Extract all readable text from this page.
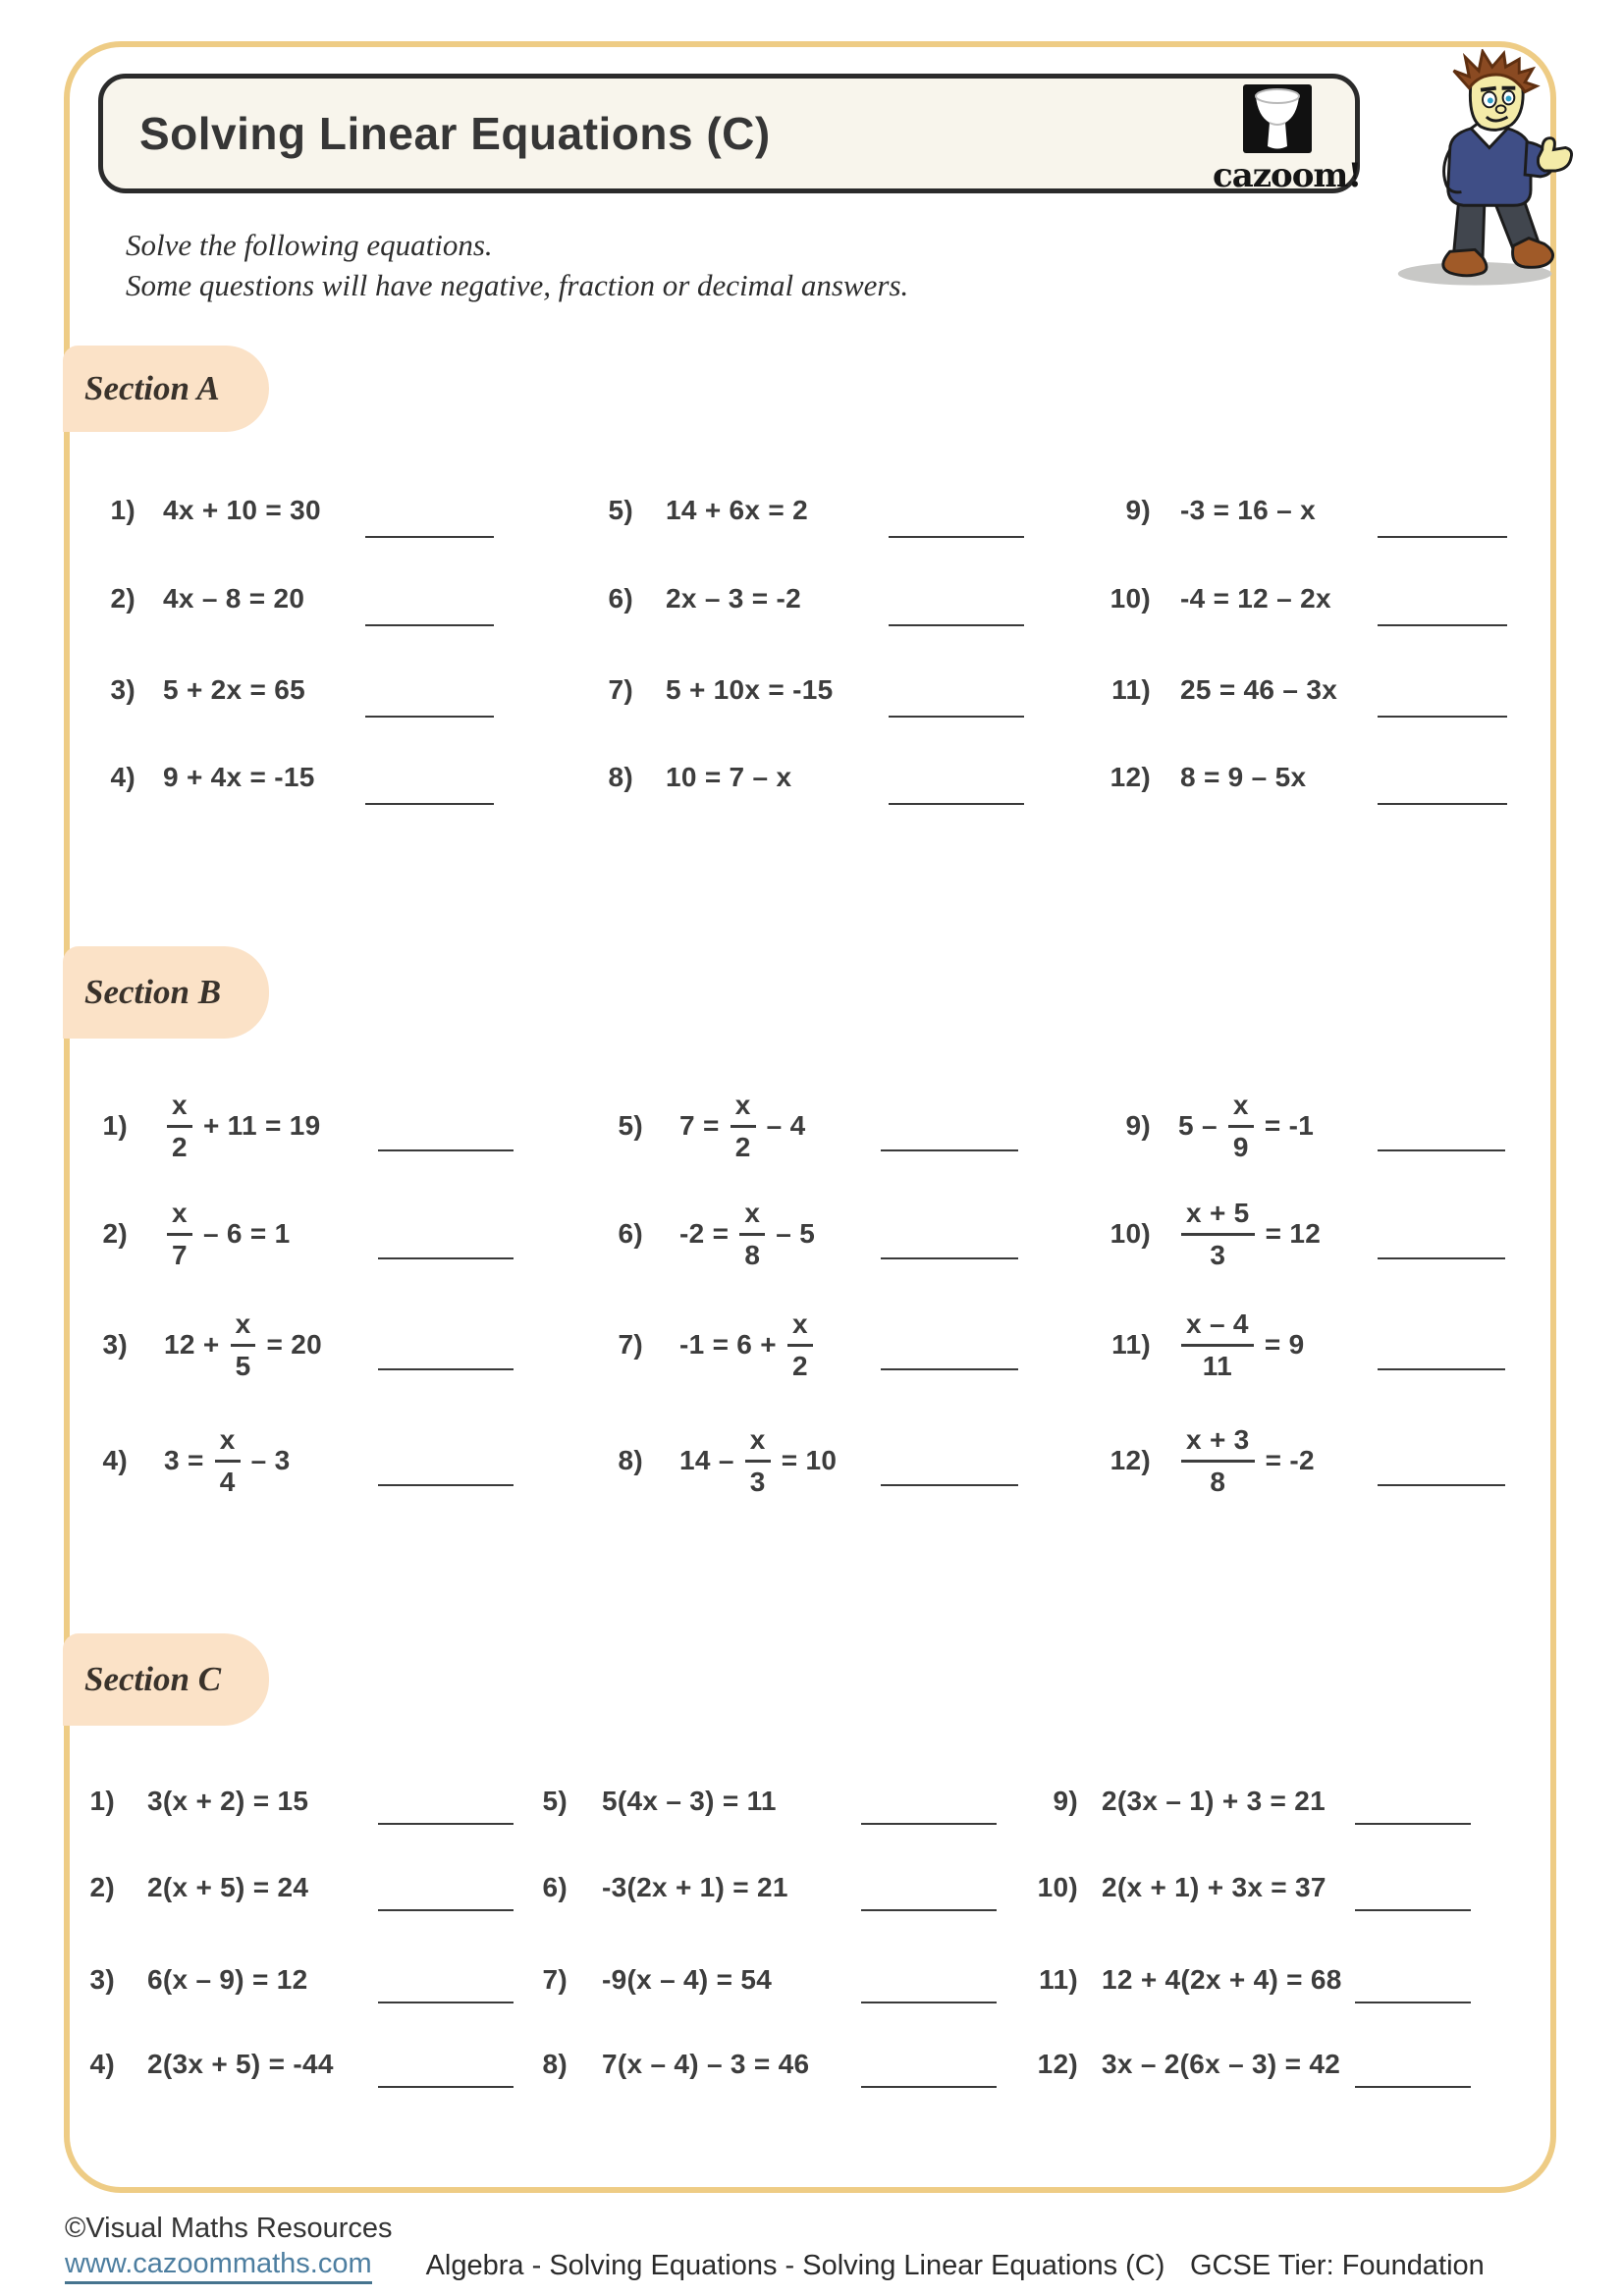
Solving Linear Equations (C)
cazoom!
Solve the following equations.
Some questions will have negative, fraction or decimal answers.
Section A
Section B
Section C
1) 4x + 10 = 30
2) 4x – 8 = 20
3) 5 + 2x = 65
4) 9 + 4x = -15
5) 14 + 6x = 2
6) 2x – 3 = -2
7) 5 + 10x = -15
8) 10 = 7 – x
9) -3 = 16 – x
10) -4 = 12 – 2x
11) 25 = 46 – 3x
12) 8 = 9 – 5x
$1) \frac{x}{2} + 11 = 19$
$2) \frac{x}{7} - 6 = 1$
3) $12 + \frac{x}{5} = 20$
4) $3 = \frac{x}{4} - 3$
5) $7 = \frac{x}{2} - 4$
6) $-2 = \frac{x}{8} - 5$
7) $-1 = 6 + \frac{x}{2}$
8) $14 - \frac{x}{3} = 10$
9) $5 - \frac{x}{9} = -1$
$10) \frac{x + 5}{3} = 12$
$11) \frac{x - 4}{11} = 9$
$12) \frac{x + 3}{8} = -2$
1) 3(x + 2) = 15
2) 2(x + 5) = 24
3) 6(x – 9) = 12
4) 2(3x + 5) = -44
5) 5(4x – 3) = 11
6) -3(2x + 1) = 21
7) -9(x – 4) = 54
8) 7(x – 4) – 3 = 46
9) 2(3x – 1) + 3 = 21
10) 2(x + 1) + 3x = 37
11) 12 + 4(2x + 4) = 68
12) 3x – 2(6x – 3) = 42
©Visual Maths Resources
www.cazoommaths.com	Algebra - Solving Equations - Solving Linear Equations (C) GCSE Tier: Foundation
